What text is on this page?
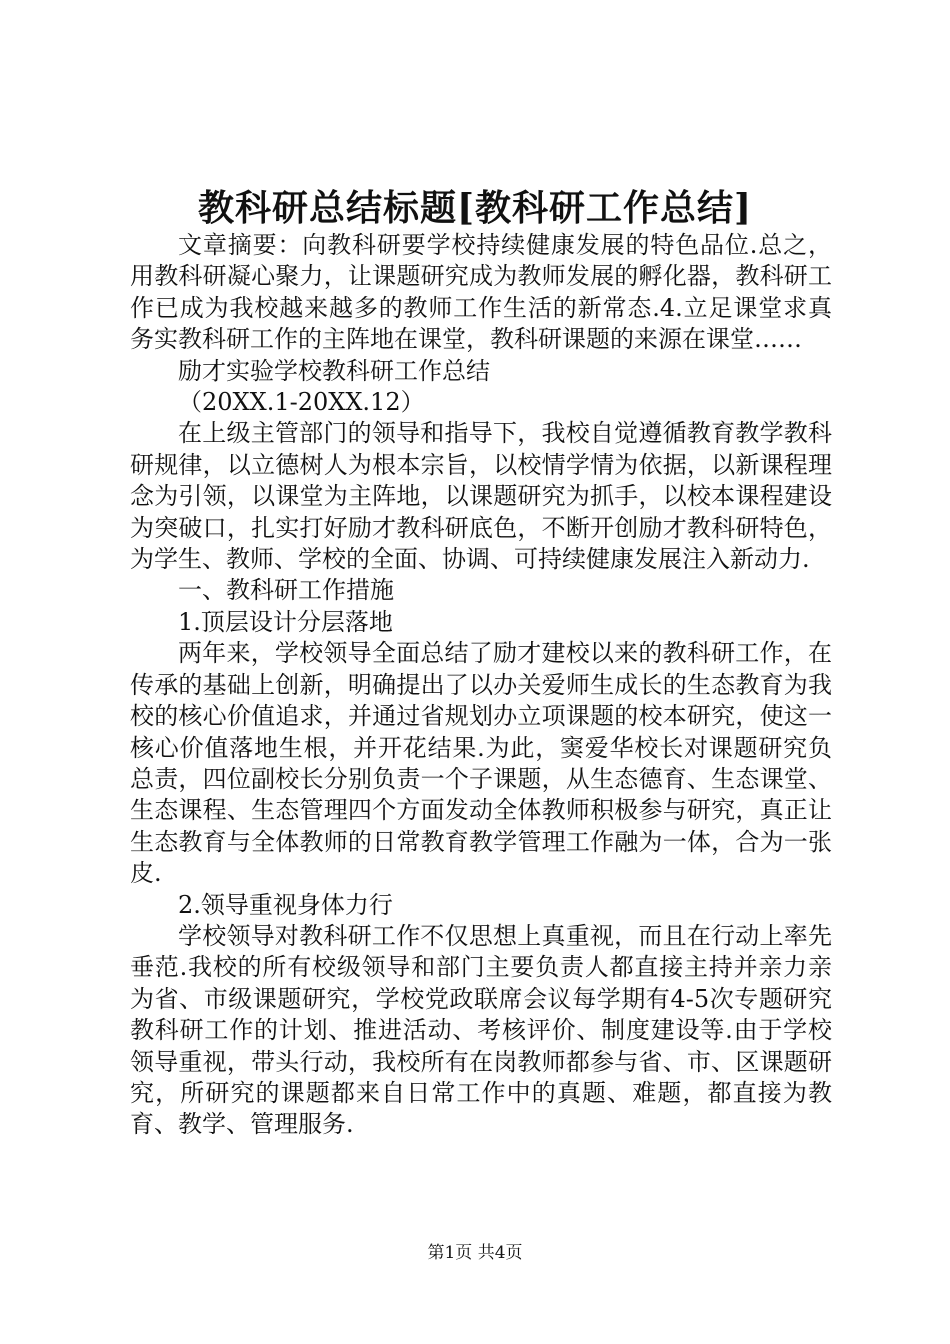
教科研总结标题[教科研工作总结]

文章摘要：向教科研要学校持续健康发展的特色品位.总之，用教科研凝心聚力，让课题研究成为教师发展的孵化器，教科研工作已成为我校越来越多的教师工作生活的新常态.4.立足课堂求真务实教科研工作的主阵地在课堂，教科研课题的来源在课堂……

励才实验学校教科研工作总结

（20XX.1-20XX.12）

在上级主管部门的领导和指导下，我校自觉遵循教育教学教科研规律，以立德树人为根本宗旨，以校情学情为依据，以新课程理念为引领，以课堂为主阵地，以课题研究为抓手，以校本课程建设为突破口，扎实打好励才教科研底色，不断开创励才教科研特色，为学生、教师、学校的全面、协调、可持续健康发展注入新动力.

一、教科研工作措施

1.顶层设计分层落地

两年来，学校领导全面总结了励才建校以来的教科研工作，在传承的基础上创新，明确提出了以办关爱师生成长的生态教育为我校的核心价值追求，并通过省规划办立项课题的校本研究，使这一核心价值落地生根，并开花结果.为此，窦爱华校长对课题研究负总责，四位副校长分别负责一个子课题，从生态德育、生态课堂、生态课程、生态管理四个方面发动全体教师积极参与研究，真正让生态教育与全体教师的日常教育教学管理工作融为一体，合为一张皮.

2.领导重视身体力行

学校领导对教科研工作不仅思想上真重视，而且在行动上率先垂范.我校的所有校级领导和部门主要负责人都直接主持并亲力亲为省、市级课题研究，学校党政联席会议每学期有4-5次专题研究教科研工作的计划、推进活动、考核评价、制度建设等.由于学校领导重视，带头行动，我校所有在岗教师都参与省、市、区课题研究，所研究的课题都来自日常工作中的真题、难题，都直接为教育、教学、管理服务.

第1页 共4页
